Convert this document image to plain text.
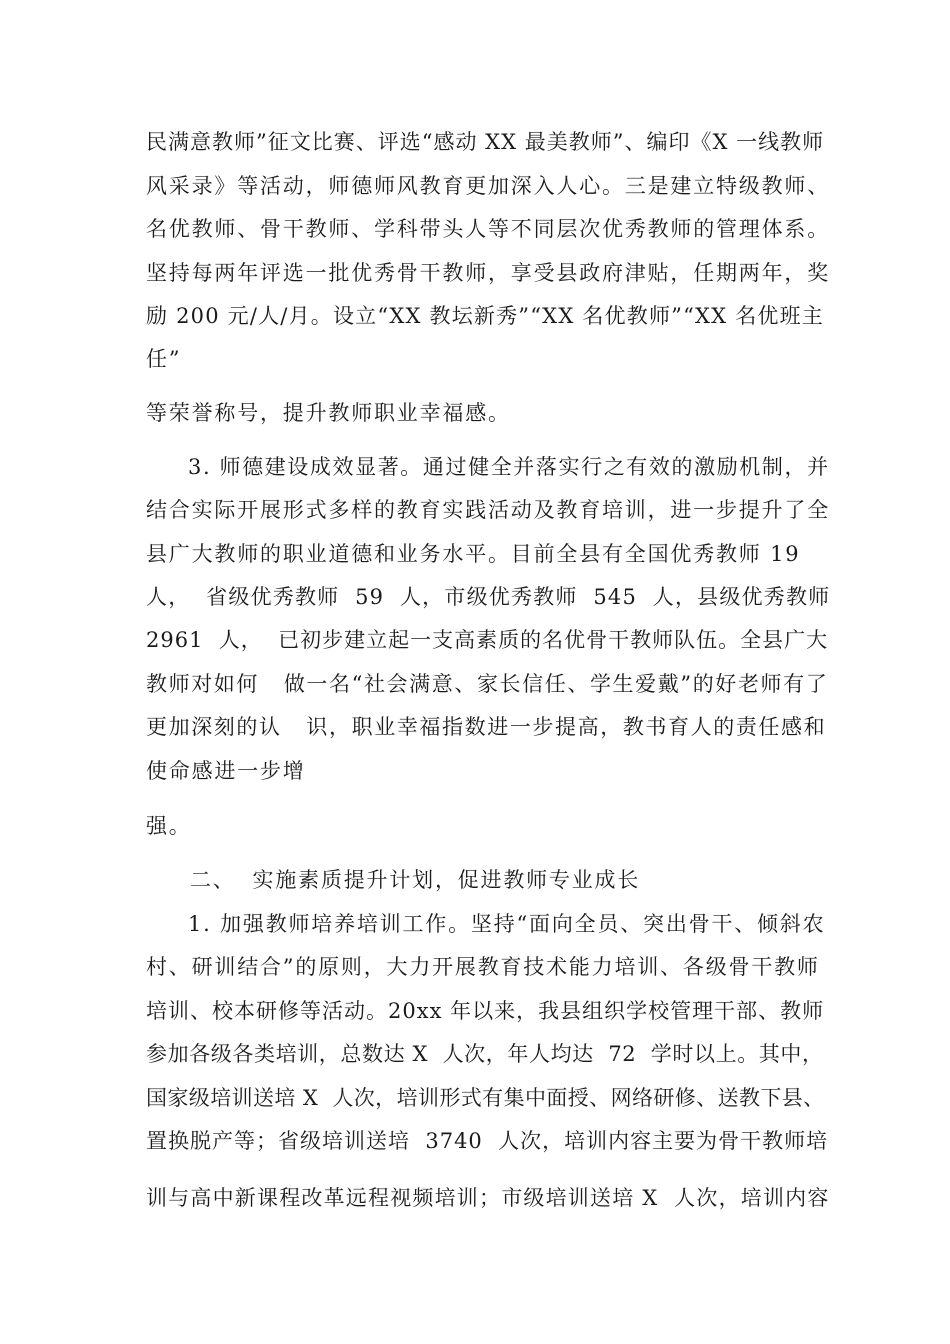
民满意教师”征文比赛、评选“感动 XX 最美教师”、编印《X 一线教师
风采录》等活动，师德师风教育更加深入人心。三是建立特级教师、
名优教师、骨干教师、学科带头人等不同层次优秀教师的管理体系。
坚持每两年评选一批优秀骨干教师，享受县政府津贴，任期两年，奖
励 200 元/人/月。设立“XX 教坛新秀”“XX 名优教师”“XX 名优班主
任”
等荣誉称号，提升教师职业幸福感。
3. 师德建设成效显著。通过健全并落实行之有效的激励机制，并
结合实际开展形式多样的教育实践活动及教育培训，进一步提升了全
县广大教师的职业道德和业务水平。目前全县有全国优秀教师 19
人，  省级优秀教师  59  人，市级优秀教师  545  人，县级优秀教师
2961  人，  已初步建立起一支高素质的名优骨干教师队伍。全县广大
教师对如何   做一名“社会满意、家长信任、学生爱戴”的好老师有了
更加深刻的认   识，职业幸福指数进一步提高，教书育人的责任感和
使命感进一步增
强。
二、  实施素质提升计划，促进教师专业成长
1. 加强教师培养培训工作。坚持“面向全员、突出骨干、倾斜农
村、研训结合”的原则，大力开展教育技术能力培训、各级骨干教师
培训、校本研修等活动。20xx 年以来，我县组织学校管理干部、教师
参加各级各类培训，总数达 X  人次，年人均达  72  学时以上。其中，
国家级培训送培 X  人次，培训形式有集中面授、网络研修、送教下县、
置换脱产等；省级培训送培  3740  人次，培训内容主要为骨干教师培
训与高中新课程改革远程视频培训；市级培训送培 X  人次，培训内容
